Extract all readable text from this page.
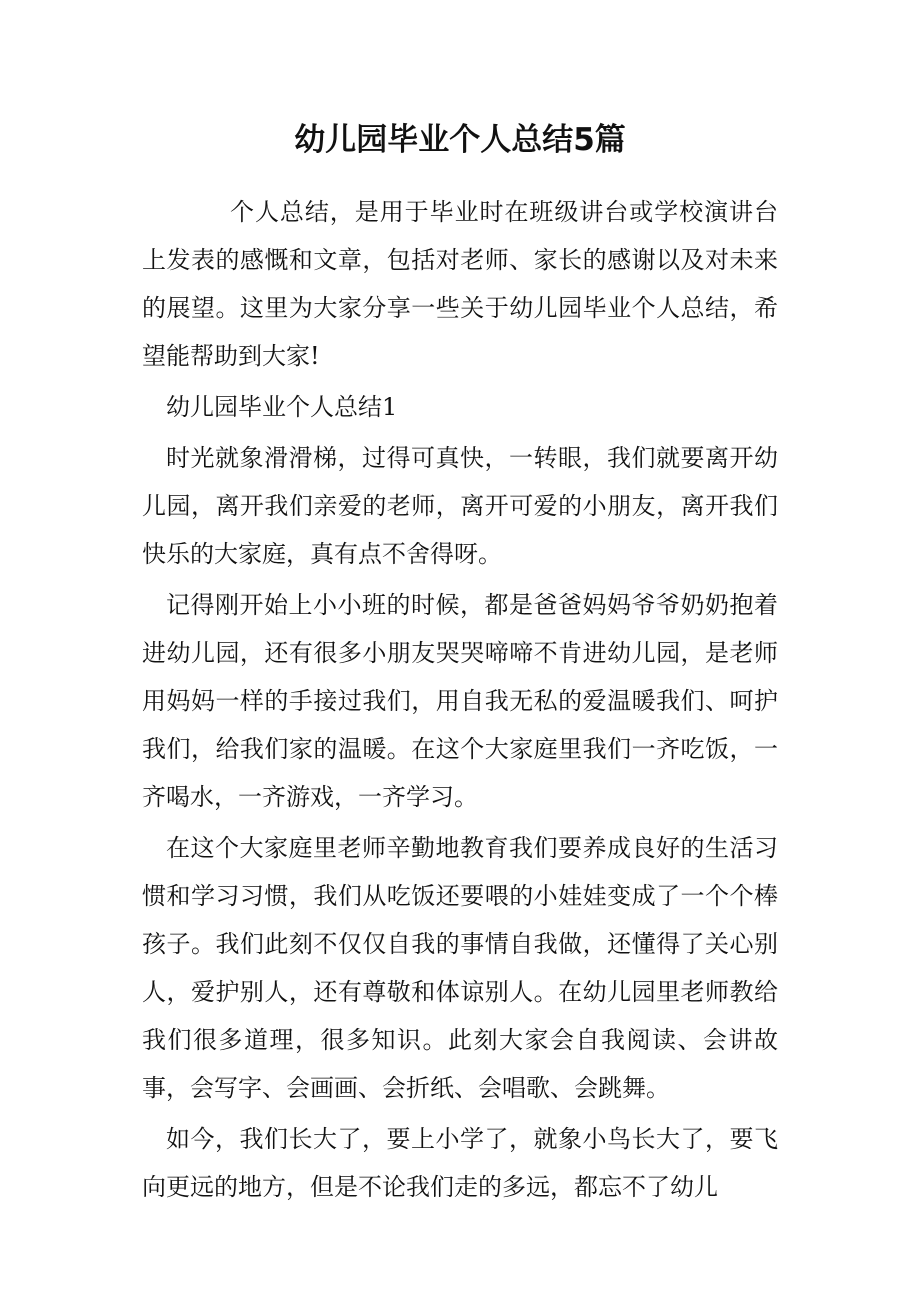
幼儿园毕业个人总结5篇

个人总结，是用于毕业时在班级讲台或学校演讲台上发表的感慨和文章，包括对老师、家长的感谢以及对未来的展望。这里为大家分享一些关于幼儿园毕业个人总结，希望能帮助到大家!

幼儿园毕业个人总结1

时光就象滑滑梯，过得可真快，一转眼，我们就要离开幼儿园，离开我们亲爱的老师，离开可爱的小朋友，离开我们快乐的大家庭，真有点不舍得呀。

记得刚开始上小小班的时候，都是爸爸妈妈爷爷奶奶抱着进幼儿园，还有很多小朋友哭哭啼啼不肯进幼儿园，是老师用妈妈一样的手接过我们，用自我无私的爱温暖我们、呵护我们，给我们家的温暖。在这个大家庭里我们一齐吃饭，一齐喝水，一齐游戏，一齐学习。

在这个大家庭里老师辛勤地教育我们要养成良好的生活习惯和学习习惯，我们从吃饭还要喂的小娃娃变成了一个个棒孩子。我们此刻不仅仅自我的事情自我做，还懂得了关心别人，爱护别人，还有尊敬和体谅别人。在幼儿园里老师教给我们很多道理，很多知识。此刻大家会自我阅读、会讲故事，会写字、会画画、会折纸、会唱歌、会跳舞。

如今，我们长大了，要上小学了，就象小鸟长大了，要飞向更远的地方，但是不论我们走的多远，都忘不了幼儿
